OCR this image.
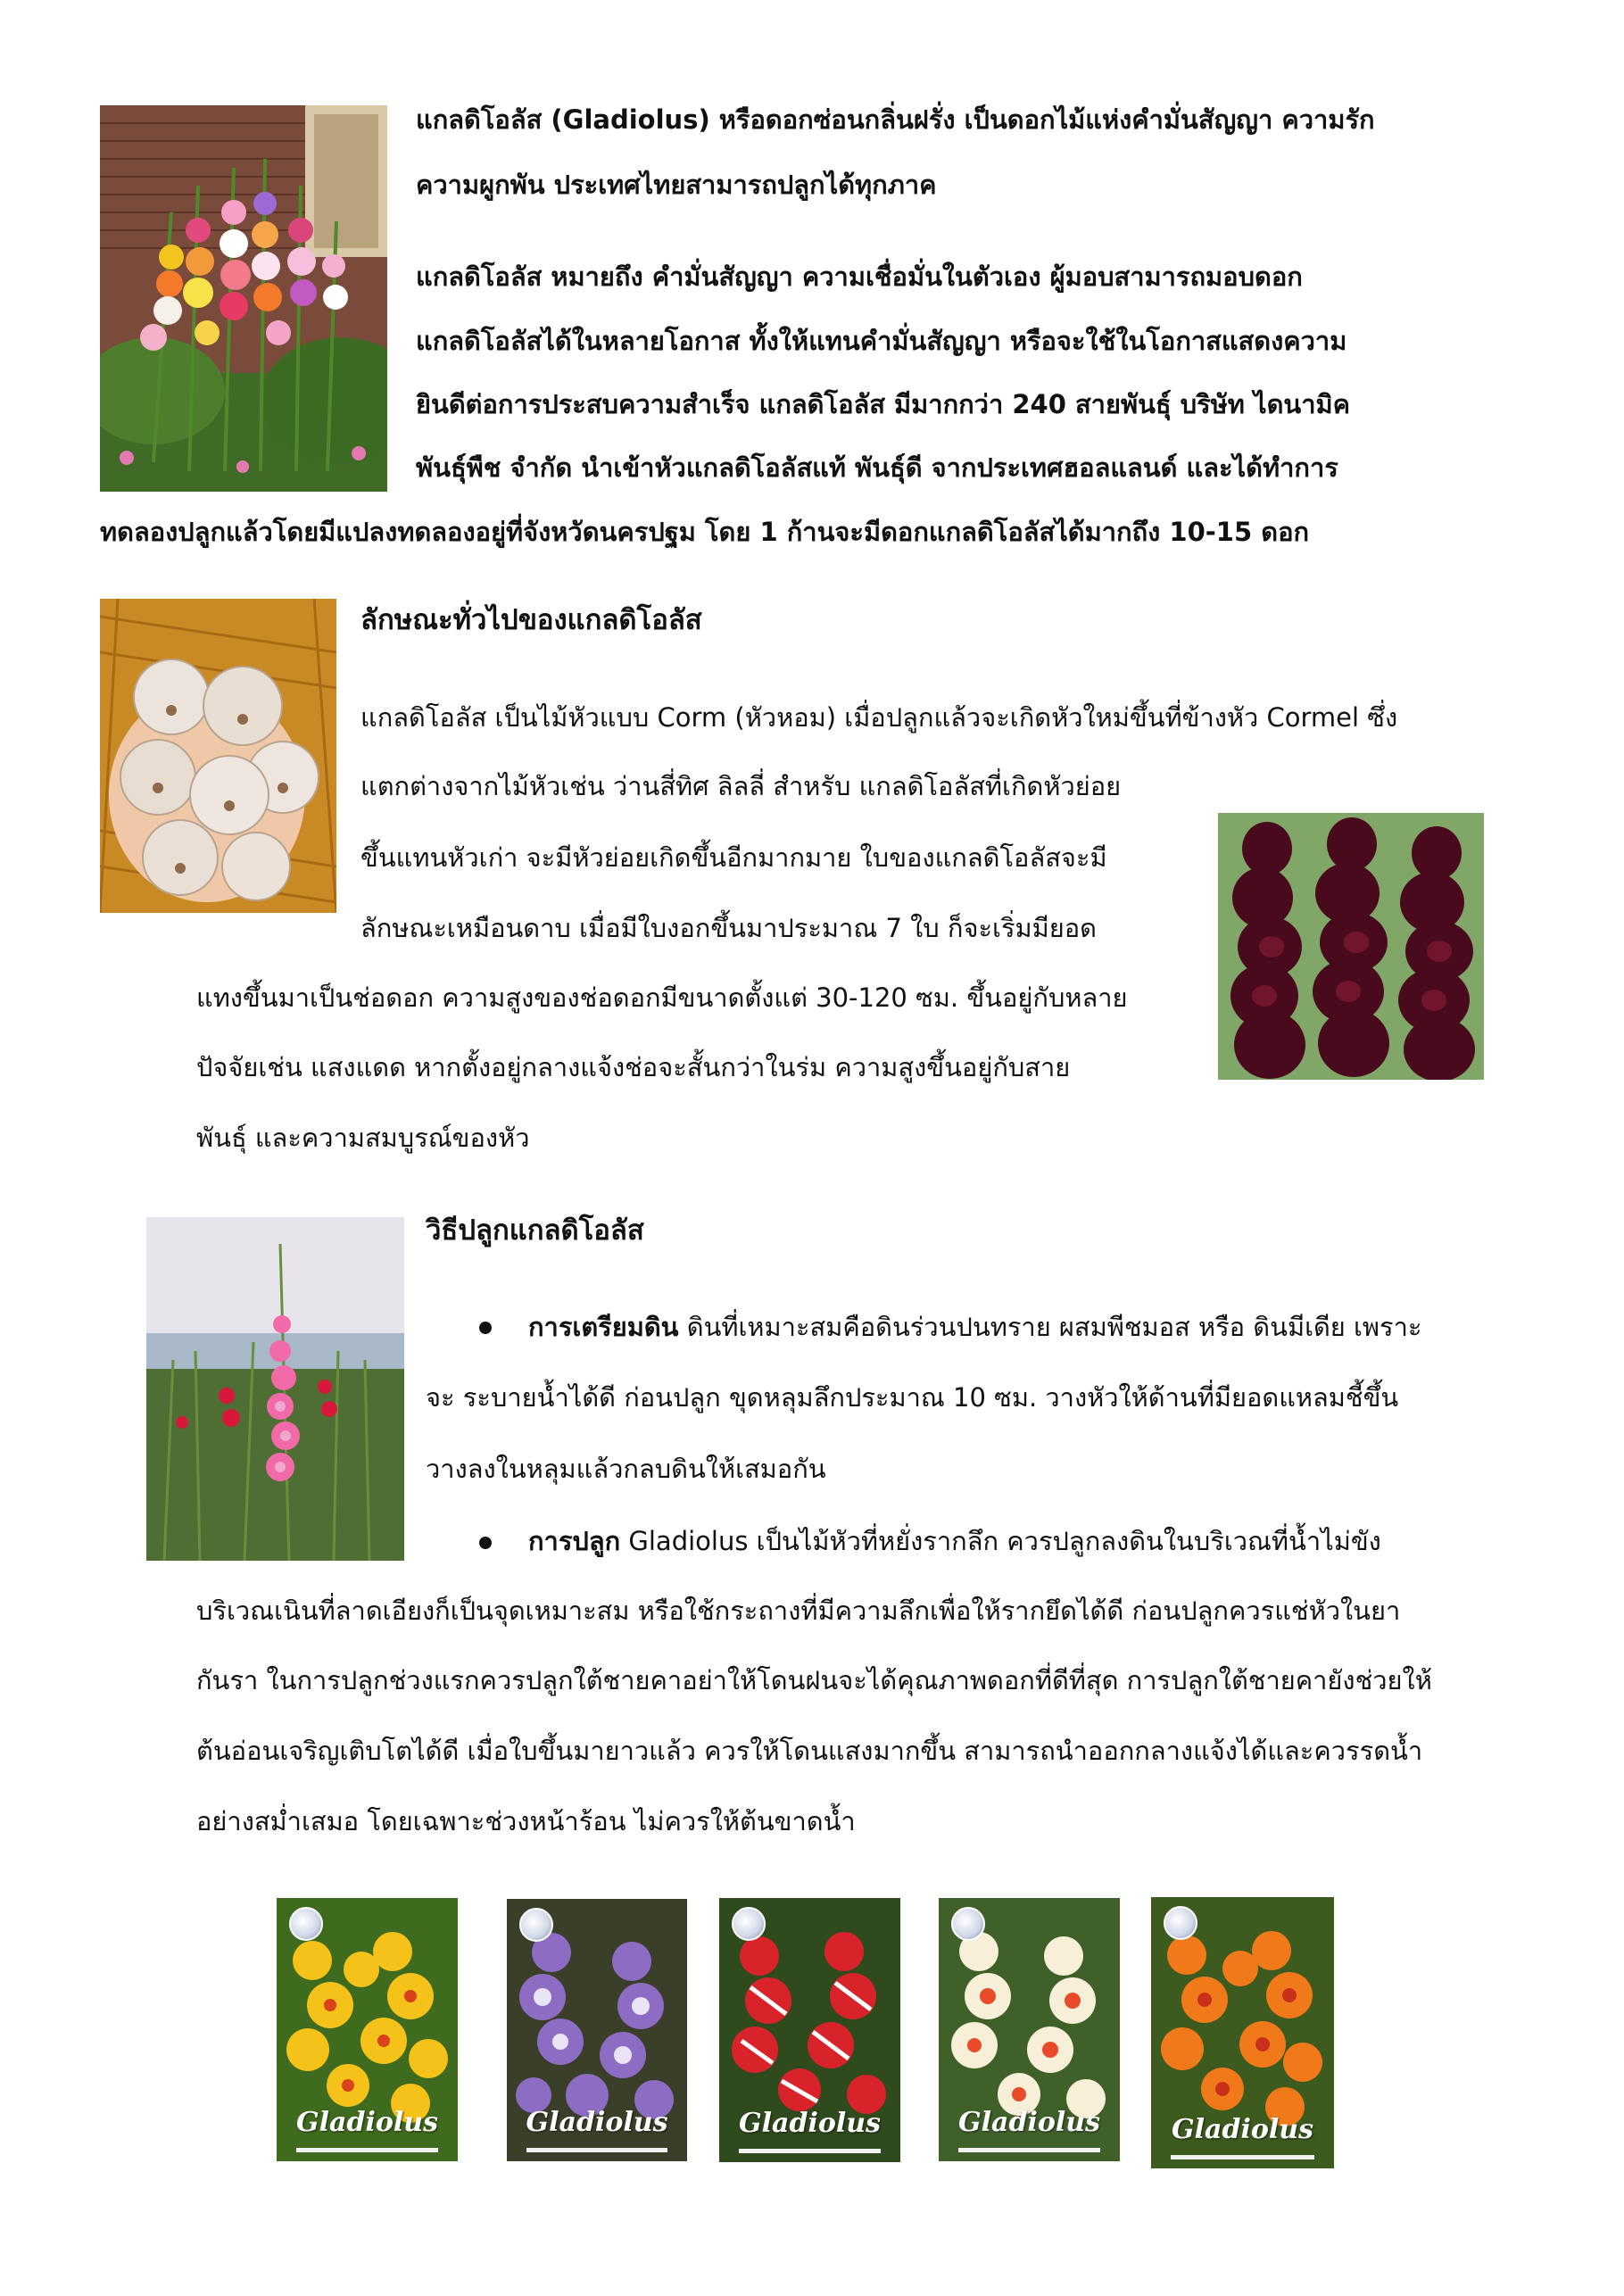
แกลดิโอลัส (Gladiolus) หรือดอกซ่อนกลิ่นฝรั่ง เป็นดอกไม้แห่งคำมั่นสัญญา ความรัก
ความผูกพัน ประเทศไทยสามารถปลูกได้ทุกภาค
แกลดิโอลัส หมายถึง คำมั่นสัญญา ความเชื่อมั่นในตัวเอง ผู้มอบสามารถมอบดอก
แกลดิโอลัสได้ในหลายโอกาส ทั้งให้แทนคำมั่นสัญญา หรือจะใช้ในโอกาสแสดงความ
ยินดีต่อการประสบความสำเร็จ แกลดิโอลัส มีมากกว่า 240 สายพันธุ์ บริษัท ไดนามิค
พันธุ์พืช จำกัด นำเข้าหัวแกลดิโอลัสแท้ พันธุ์ดี จากประเทศฮอลแลนด์ และได้ทำการ
ทดลองปลูกแล้วโดยมีแปลงทดลองอยู่ที่จังหวัดนครปฐม โดย 1 ก้านจะมีดอกแกลดิโอลัสได้มากถึง 10-15 ดอก
ลักษณะทั่วไปของแกลดิโอลัส
แกลดิโอลัส เป็นไม้หัวแบบ Corm (หัวหอม) เมื่อปลูกแล้วจะเกิดหัวใหม่ขึ้นที่ข้างหัว Cormel ซึ่ง
แตกต่างจากไม้หัวเช่น ว่านสี่ทิศ ลิลลี่ สำหรับ แกลดิโอลัสที่เกิดหัวย่อย
ขึ้นแทนหัวเก่า จะมีหัวย่อยเกิดขึ้นอีกมากมาย ใบของแกลดิโอลัสจะมี
ลักษณะเหมือนดาบ เมื่อมีใบงอกขึ้นมาประมาณ 7 ใบ ก็จะเริ่มมียอด
แทงขึ้นมาเป็นช่อดอก ความสูงของช่อดอกมีขนาดตั้งแต่ 30-120 ซม. ขึ้นอยู่กับหลาย
ปัจจัยเช่น แสงแดด หากตั้งอยู่กลางแจ้งช่อจะสั้นกว่าในร่ม ความสูงขึ้นอยู่กับสาย
พันธุ์ และความสมบูรณ์ของหัว
วิธีปลูกแกลดิโอลัส
การเตรียมดิน ดินที่เหมาะสมคือดินร่วนปนทราย ผสมพีชมอส หรือ ดินมีเดีย เพราะ
จะ ระบายน้ำได้ดี ก่อนปลูก ขุดหลุมลึกประมาณ 10 ซม. วางหัวให้ด้านที่มียอดแหลมชี้ขึ้น
วางลงในหลุมแล้วกลบดินให้เสมอกัน
การปลูก Gladiolus เป็นไม้หัวที่หยั่งรากลึก ควรปลูกลงดินในบริเวณที่น้ำไม่ขัง
บริเวณเนินที่ลาดเอียงก็เป็นจุดเหมาะสม หรือใช้กระถางที่มีความลึกเพื่อให้รากยึดได้ดี ก่อนปลูกควรแช่หัวในยา
กันรา ในการปลูกช่วงแรกควรปลูกใต้ชายคาอย่าให้โดนฝนจะได้คุณภาพดอกที่ดีที่สุด การปลูกใต้ชายคายังช่วยให้
ต้นอ่อนเจริญเติบโตได้ดี เมื่อใบขึ้นมายาวแล้ว ควรให้โดนแสงมากขึ้น สามารถนำออกกลางแจ้งได้และควรรดน้ำ
อย่างสม่ำเสมอ โดยเฉพาะช่วงหน้าร้อน ไม่ควรให้ต้นขาดน้ำ
Gladiolus	Gladiolus	Gladiolus	Gladiolus	Gladiolus
